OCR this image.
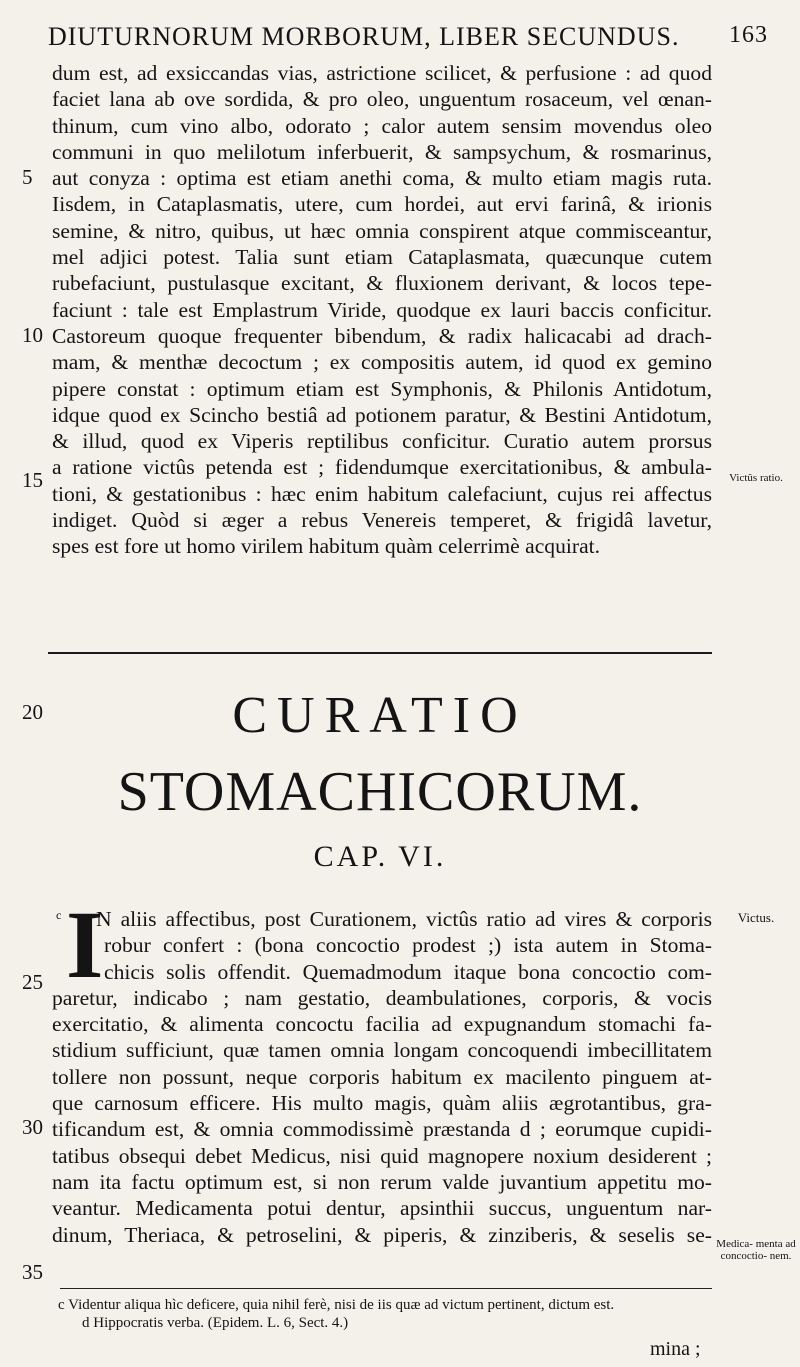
DIUTURNORUM MORBORUM, LIBER SECUNDUS. 163
dum est, ad exsiccandas vias, astrictione scilicet, & perfusione : ad quod
faciet lana ab ove sordida, & pro oleo, unguentum rosaceum, vel œnan-
thinum, cum vino albo, odorato ; calor autem sensim movendus oleo
communi in quo melilotum inferbuerit, & sampsychum, & rosmarinus,
aut conyza : optima est etiam anethi coma, & multo etiam magis ruta.
Iisdem, in Cataplasmatis, utere, cum hordei, aut ervi farinâ, & irionis
semine, & nitro, quibus, ut hæc omnia conspirent atque commisceantur,
mel adjici potest. Talia sunt etiam Cataplasmata, quæcunque cutem
rubefaciunt, pustulasque excitant, & fluxionem derivant, & locos tepe-
faciunt : tale est Emplastrum Viride, quodque ex lauri baccis conficitur.
Castoreum quoque frequenter bibendum, & radix halicacabi ad drach-
mam, & menthæ decoctum ; ex compositis autem, id quod ex gemino
pipere constat : optimum etiam est Symphonis, & Philonis Antidotum,
idque quod ex Scincho bestiâ ad potionem paratur, & Bestini Antidotum,
& illud, quod ex Viperis reptilibus conficitur. Curatio autem prorsus
a ratione victûs petenda est ; fidendumque exercitationibus, & ambula-
tioni, & gestationibus : hæc enim habitum calefaciunt, cujus rei affectus
indiget. Quòd si æger a rebus Venereis temperet, & frigidâ lavetur,
spes est fore ut homo virilem habitum quàm celerrimè acquirat.
5
10
15	Victûs ratio.
20	CURATIO
STOMACHICORUM.
CAP. VI.
c I
N aliis affectibus, post Curationem, victûs ratio ad vires & corporis
robur confert : (bona concoctio prodest ;) ista autem in Stoma-
chicis solis offendit. Quemadmodum itaque bona concoctio com-
paretur, indicabo ; nam gestatio, deambulationes, corporis, & vocis
exercitatio, & alimenta concoctu facilia ad expugnandum stomachi fa-
stidium sufficiunt, quæ tamen omnia longam concoquendi imbecillitatem
tollere non possunt, neque corporis habitum ex macilento pinguem at-
que carnosum efficere. His multo magis, quàm aliis ægrotantibus, gra-
tificandum est, & omnia commodissimè præstanda d ; eorumque cupidi-
tatibus obsequi debet Medicus, nisi quid magnopere noxium desiderent ;
nam ita factu optimum est, si non rerum valde juvantium appetitu mo-
veantur. Medicamenta potui dentur, apsinthii succus, unguentum nar-
dinum, Theriaca, & petroselini, & piperis, & zinziberis, & seselis se-
25
30
35
Victus.
Medica- menta ad concoctio- nem.
c Videntur aliqua hìc deficere, quia nihil ferè, nisi de iis quæ ad victum pertinent, dictum est.
d Hippocratis verba. (Epidem. L. 6, Sect. 4.)
mina ;
